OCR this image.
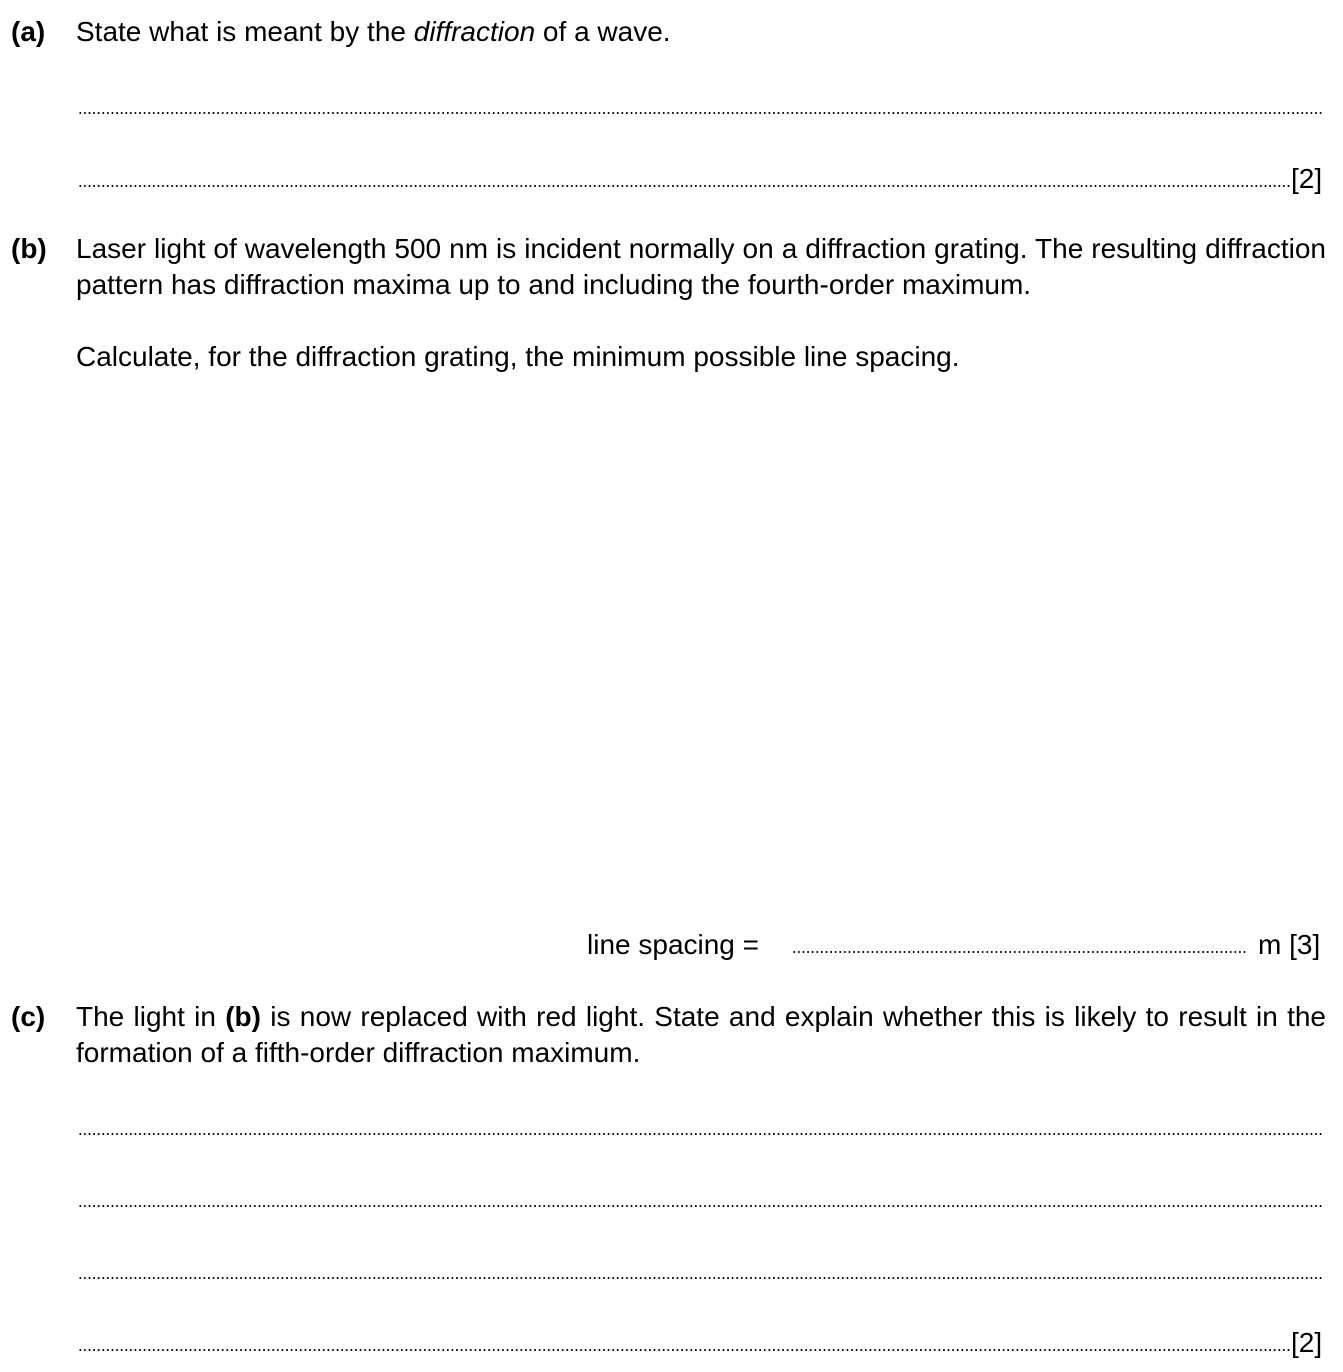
(a) State what is meant by the diffraction of a wave.
[2]
(b) Laser light of wavelength 500 nm is incident normally on a diffraction grating. The resulting diffraction pattern has diffraction maxima up to and including the fourth-order maximum.
Calculate, for the diffraction grating, the minimum possible line spacing.
line spacing =	m [3]
(c) The light in (b) is now replaced with red light. State and explain whether this is likely to result in the formation of a fifth-order diffraction maximum.
[2]
